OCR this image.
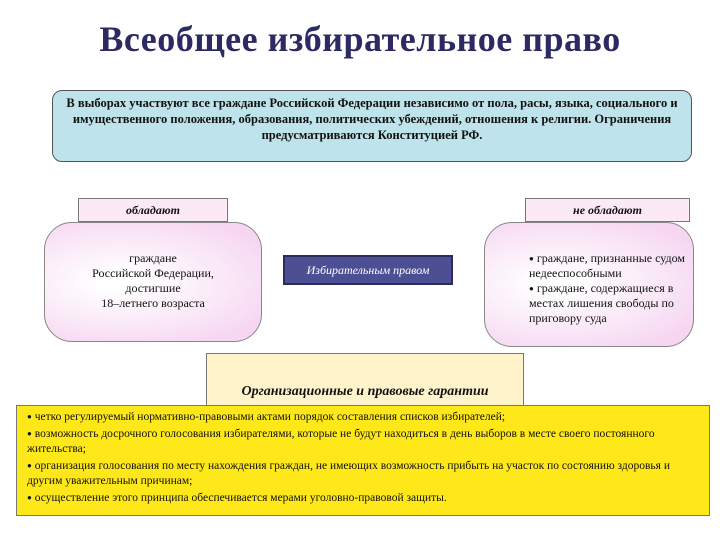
Всеобщее избирательное право
В выборах участвуют все граждане Российской Федерации независимо от пола, расы, языка, социального и имущественного положения, образования, политических убеждений, отношения к религии. Ограничения предусматриваются Конституцией РФ.
обладают	не обладают
граждане
Российской Федерации,
достигшие
18–летнего возраста
Избирательным правом
● граждане, признанные судом недееспособными
● граждане, содержащиеся в местах лишения свободы по приговору суда
Организационные и правовые гарантии
● четко регулируемый нормативно-правовыми актами порядок составления списков избирателей;
● возможность досрочного голосования избирателями, которые не будут находиться в день выборов в месте своего постоянного жительства;
● организация голосования по месту нахождения граждан, не имеющих возможность прибыть на участок по состоянию здоровья и другим уважительным причинам;
● осуществление этого принципа обеспечивается мерами уголовно-правовой защиты.
